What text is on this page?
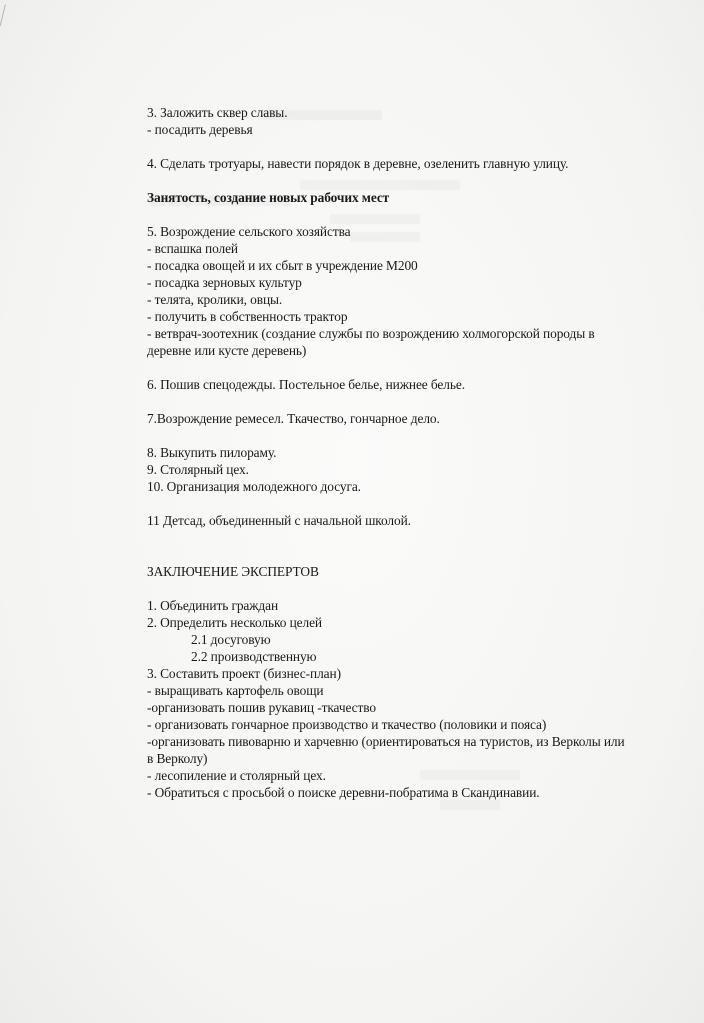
3. Заложить сквер славы.
- посадить деревья
4. Сделать тротуары, навести порядок в деревне, озеленить главную улицу.
Занятость, создание новых рабочих мест
5. Возрождение сельского хозяйства
- вспашка полей
- посадка овощей и их сбыт в учреждение М200
- посадка зерновых культур
- телята, кролики, овцы.
- получить в собственность трактор
- ветврач-зоотехник (создание службы по возрождению холмогорской породы в деревне или кусте деревень)
6. Пошив спецодежды. Постельное белье, нижнее белье.
7.Возрождение ремесел. Ткачество, гончарное дело.
8. Выкупить пилораму.
9. Столярный цех.
10. Организация молодежного досуга.
11 Детсад, объединенный с начальной школой.
ЗАКЛЮЧЕНИЕ ЭКСПЕРТОВ
1. Объединить граждан
2. Определить несколько целей
2.1 досуговую
2.2 производственную
3. Составить проект (бизнес-план)
- выращивать картофель овощи
-организовать пошив рукавиц -ткачество
- организовать гончарное производство и ткачество (половики и пояса)
-организовать пивоварню и харчевню (ориентироваться на туристов, из Верколы или в Верколу)
- лесопиление и столярный цех.
- Обратиться с просьбой о поиске деревни-побратима в Скандинавии.
